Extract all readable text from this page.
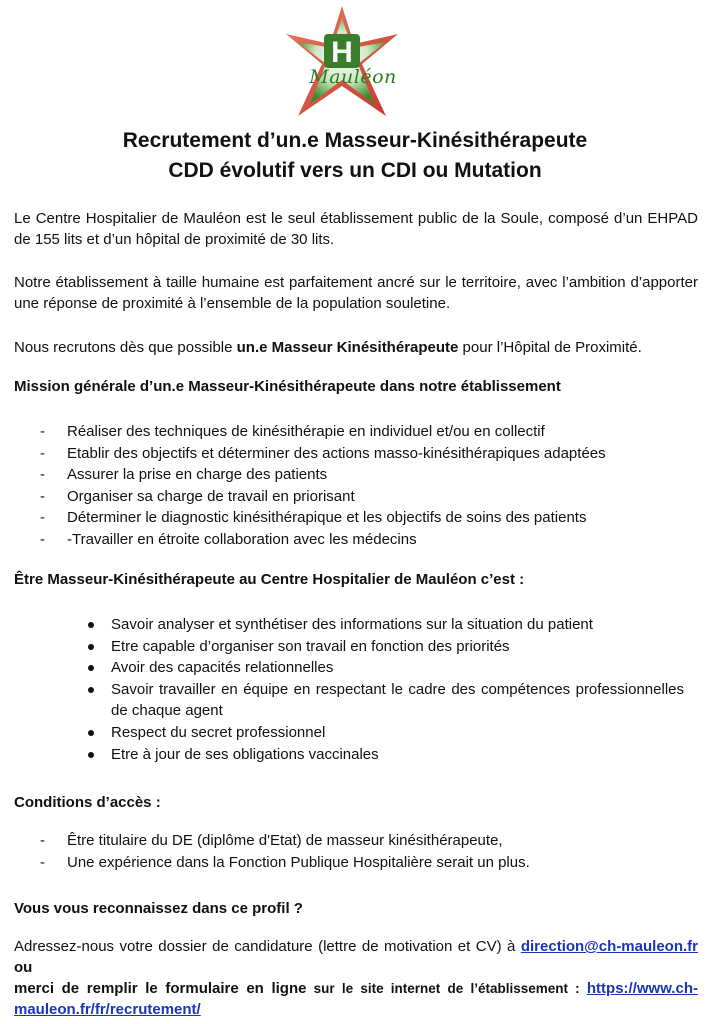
H
Mauléon
Recrutement d’un.e Masseur-Kinésithérapeute
CDD évolutif vers un CDI ou Mutation
Le Centre Hospitalier de Mauléon est le seul établissement public de la Soule, composé d’un EHPAD de 155 lits et d’un hôpital de proximité de 30 lits.
Notre établissement à taille humaine est parfaitement ancré sur le territoire, avec l’ambition d’apporter une réponse de proximité à l’ensemble de la population souletine.
Nous recrutons dès que possible un.e Masseur Kinésithérapeute pour l’Hôpital de Proximité.
Mission générale d’un.e Masseur-Kinésithérapeute dans notre établissement
- Réaliser des techniques de kinésithérapie en individuel et/ou en collectif
- Etablir des objectifs et déterminer des actions masso-kinésithérapiques adaptées
- Assurer la prise en charge des patients
- Organiser sa charge de travail en priorisant
- Déterminer le diagnostic kinésithérapique et les objectifs de soins des patients
- -Travailler en étroite collaboration avec les médecins
Être Masseur-Kinésithérapeute au Centre Hospitalier de Mauléon c’est :
Savoir analyser et synthétiser des informations sur la situation du patient
Etre capable d’organiser son travail en fonction des priorités
Avoir des capacités relationnelles
Savoir travailler en équipe en respectant le cadre des compétences professionnelles de chaque agent
Respect du secret professionnel
Etre à jour de ses obligations vaccinales
Conditions d’accès :
- Être titulaire du DE (diplôme d'Etat) de masseur kinésithérapeute,
- Une expérience dans la Fonction Publique Hospitalière serait un plus.
Vous vous reconnaissez dans ce profil ?
Adressez-nous votre dossier de candidature (lettre de motivation et CV) à direction@ch-mauleon.fr ou
merci de remplir le formulaire en ligne sur le site internet de l’établissement : https://www.ch-mauleon.fr/fr/recrutement/
